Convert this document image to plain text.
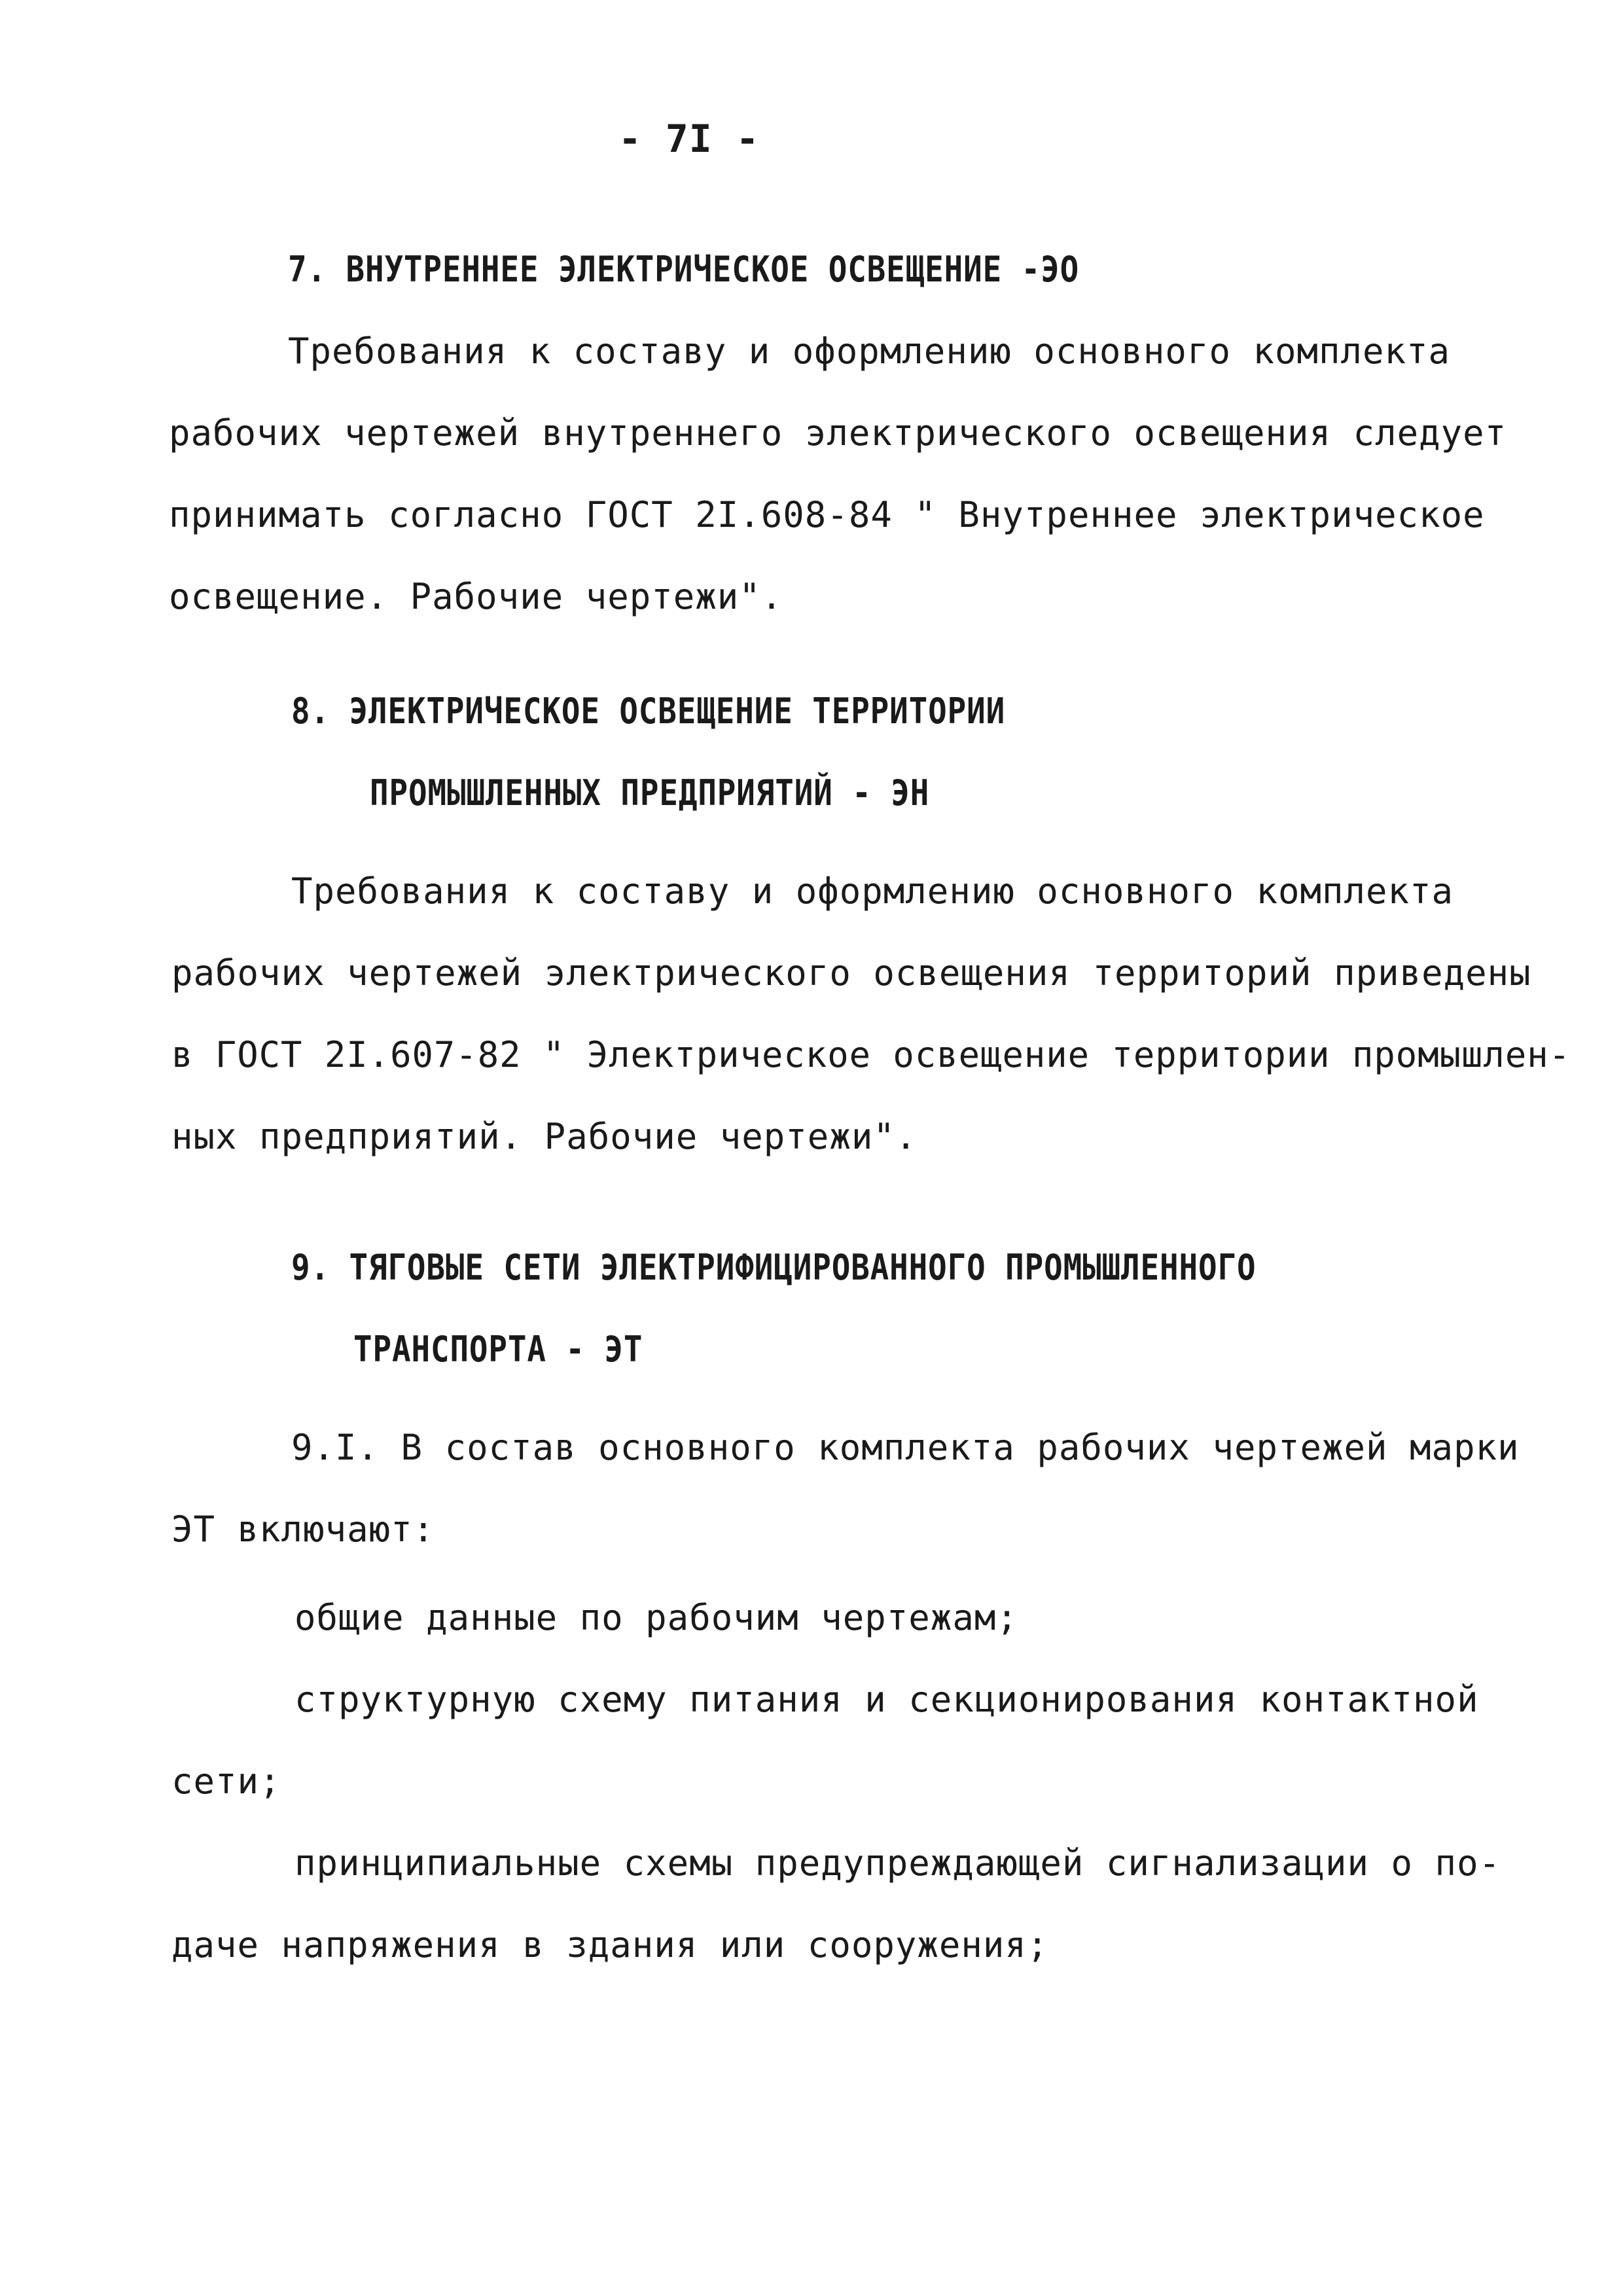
- 7I -
7. ВНУТРЕННЕЕ ЭЛЕКТРИЧЕСКОЕ ОСВЕЩЕНИЕ -ЭО
Требования к составу и оформлению основного комплекта
рабочих чертежей внутреннего электрического освещения следует
принимать согласно ГОСТ 2I.608-84 " Внутреннее электрическое
освещение. Рабочие чертежи".
8. ЭЛЕКТРИЧЕСКОЕ ОСВЕЩЕНИЕ ТЕРРИТОРИИ
ПРОМЫШЛЕННЫХ ПРЕДПРИЯТИЙ - ЭН
Требования к составу и оформлению основного комплекта
рабочих чертежей электрического освещения территорий приведены
в ГОСТ 2I.607-82 " Электрическое освещение территории промышлен-
ных предприятий. Рабочие чертежи".
9. ТЯГОВЫЕ СЕТИ ЭЛЕКТРИФИЦИРОВАННОГО ПРОМЫШЛЕННОГО
ТРАНСПОРТА - ЭТ
9.I. В состав основного комплекта рабочих чертежей марки
ЭТ включают:
общие данные по рабочим чертежам;
структурную схему питания и секционирования контактной
сети;
принципиальные схемы предупреждающей сигнализации о по-
даче напряжения в здания или сооружения;
